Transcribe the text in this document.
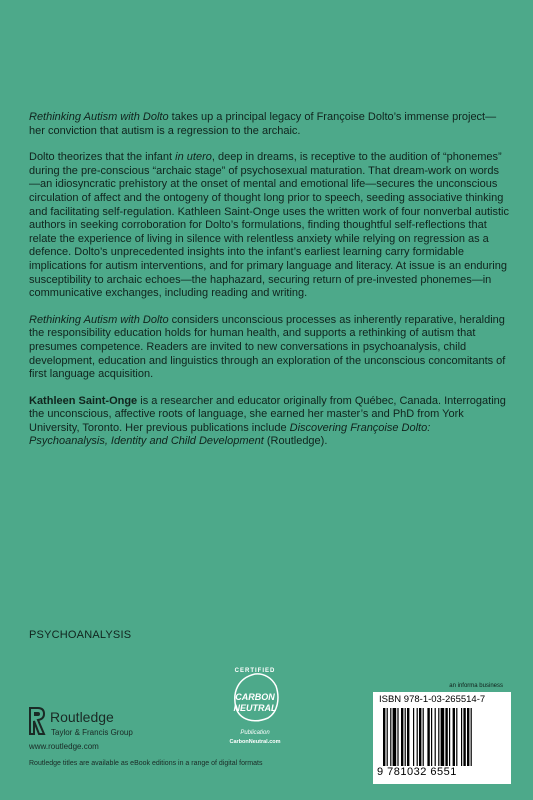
Rethinking Autism with Dolto takes up a principal legacy of Françoise Dolto’s immense project—her conviction that autism is a regression to the archaic.

Dolto theorizes that the infant in utero, deep in dreams, is receptive to the audition of “phonemes” during the pre-conscious “archaic stage” of psychosexual maturation. That dream-work on words—an idiosyncratic prehistory at the onset of mental and emotional life—secures the unconscious circulation of affect and the ontogeny of thought long prior to speech, seeding associative thinking and facilitating self-regulation. Kathleen Saint-Onge uses the written work of four nonverbal autistic authors in seeking corroboration for Dolto’s formulations, finding thoughtful self-reflections that relate the experience of living in silence with relentless anxiety while relying on regression as a defence. Dolto’s unprecedented insights into the infant’s earliest learning carry formidable implications for autism interventions, and for primary language and literacy. At issue is an enduring susceptibility to archaic echoes—the haphazard, securing return of pre-invested phonemes—in communicative exchanges, including reading and writing.

Rethinking Autism with Dolto considers unconscious processes as inherently reparative, heralding the responsibility education holds for human health, and supports a rethinking of autism that presumes competence. Readers are invited to new conversations in psychoanalysis, child development, education and linguistics through an exploration of the unconscious concomitants of first language acquisition.

Kathleen Saint-Onge is a researcher and educator originally from Québec, Canada. Interrogating the unconscious, affective roots of language, she earned her master’s and PhD from York University, Toronto. Her previous publications include Discovering Françoise Dolto: Psychoanalysis, Identity and Child Development (Routledge).

PSYCHOANALYSIS
Routledge
Taylor & Francis Group
www.routledge.com
Routledge titles are available as eBook editions in a range of digital formats
CERTIFIED
CARBON
NEUTRAL
Publication
CarbonNeutral.com
an informa business
ISBN 978-1-03-265514-7
9 781032 6551
